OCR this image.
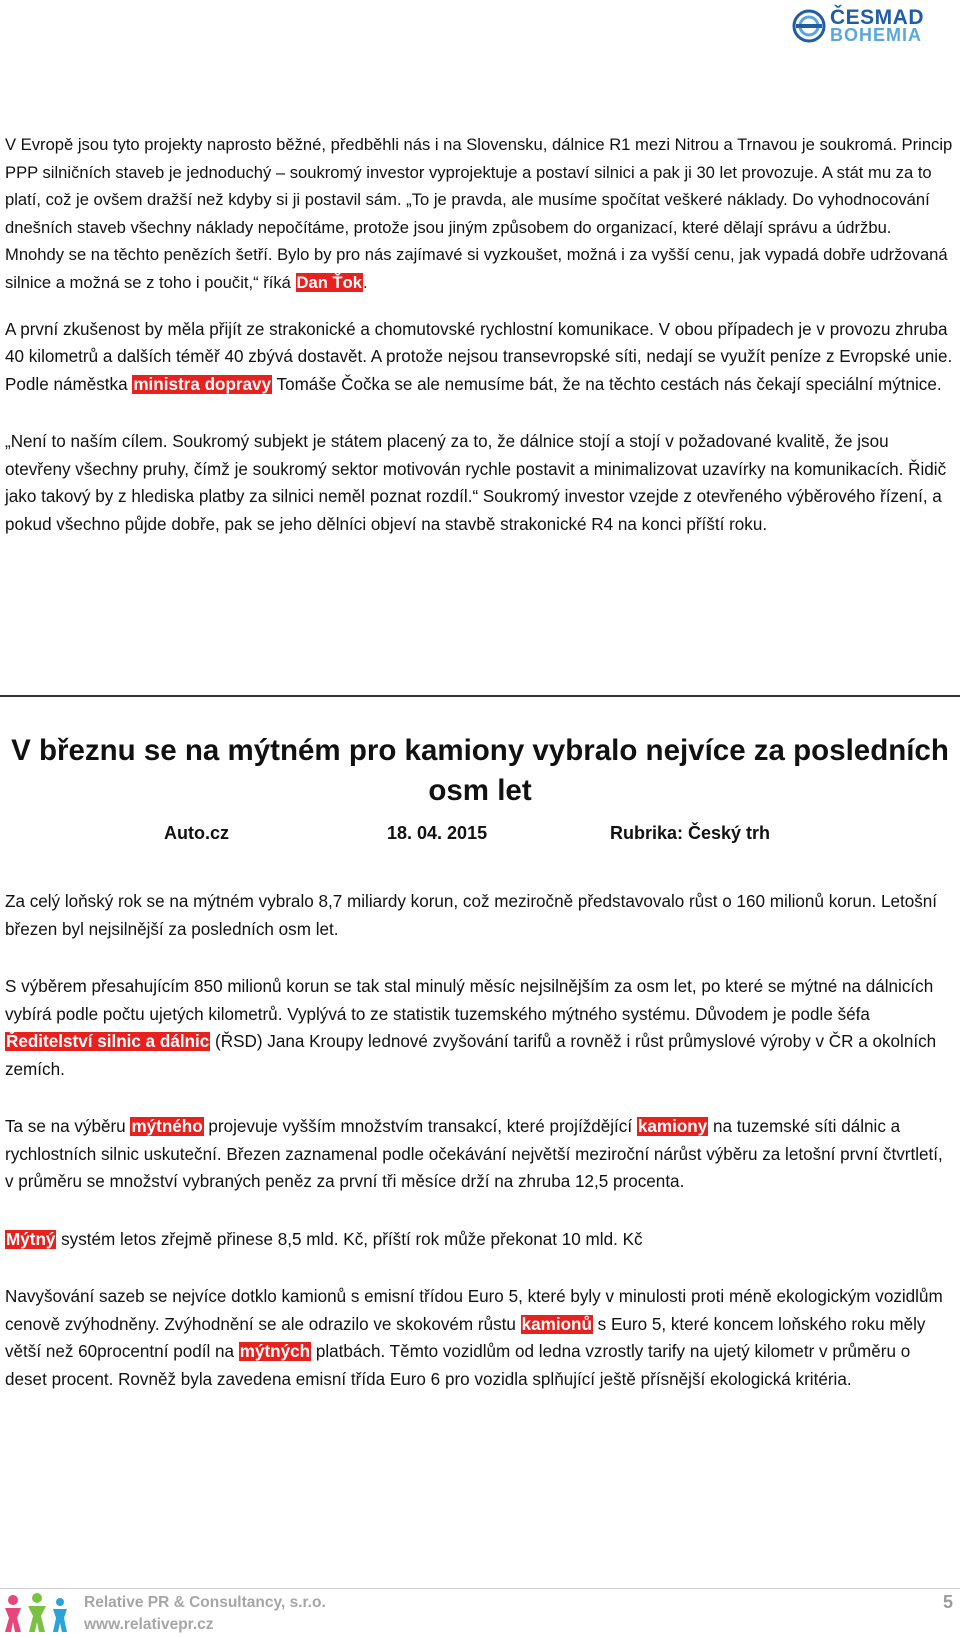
ČESMAD
BOHEMIA

V Evropě jsou tyto projekty naprosto běžné, předběhli nás i na Slovensku, dálnice R1 mezi Nitrou a Trnavou je soukromá. Princip PPP silničních staveb je jednoduchý – soukromý investor vyprojektuje a postaví silnici a pak ji 30 let provozuje. A stát mu za to platí, což je ovšem dražší než kdyby si ji postavil sám. „To je pravda, ale musíme spočítat veškeré náklady. Do vyhodnocování dnešních staveb všechny náklady nepočítáme, protože jsou jiným způsobem do organizací, které dělají správu a údržbu. Mnohdy se na těchto penězích šetří. Bylo by pro nás zajímavé si vyzkoušet, možná i za vyšší cenu, jak vypadá dobře udržovaná silnice a možná se z toho i poučit,“ říká Dan Ťok.

A první zkušenost by měla přijít ze strakonické a chomutovské rychlostní komunikace. V obou případech je v provozu zhruba 40 kilometrů a dalších téměř 40 zbývá dostavět. A protože nejsou transevropské síti, nedají se využít peníze z Evropské unie. Podle náměstka ministra dopravy Tomáše Čočka se ale nemusíme bát, že na těchto cestách nás čekají speciální mýtnice.

„Není to naším cílem. Soukromý subjekt je státem placený za to, že dálnice stojí a stojí v požadované kvalitě, že jsou otevřeny všechny pruhy, čímž je soukromý sektor motivován rychle postavit a minimalizovat uzavírky na komunikacích. Řidič jako takový by z hlediska platby za silnici neměl poznat rozdíl.“ Soukromý investor vzejde z otevřeného výběrového řízení, a pokud všechno půjde dobře, pak se jeho dělníci objeví na stavbě strakonické R4 na konci příští roku.

V březnu se na mýtném pro kamiony vybralo nejvíce za posledních osm let
Auto.cz	18. 04. 2015	Rubrika: Český trh

Za celý loňský rok se na mýtném vybralo 8,7 miliardy korun, což meziročně představovalo růst o 160 milionů korun. Letošní březen byl nejsilnější za posledních osm let.

S výběrem přesahujícím 850 milionů korun se tak stal minulý měsíc nejsilnějším za osm let, po které se mýtné na dálnicích vybírá podle počtu ujetých kilometrů. Vyplývá to ze statistik tuzemského mýtného systému. Důvodem je podle šéfa Ředitelství silnic a dálnic (ŘSD) Jana Kroupy lednové zvyšování tarifů a rovněž i růst průmyslové výroby v ČR a okolních zemích.

Ta se na výběru mýtného projevuje vyšším množstvím transakcí, které projíždějící kamiony na tuzemské síti dálnic a rychlostních silnic uskuteční. Březen zaznamenal podle očekávání největší meziroční nárůst výběru za letošní první čtvrtletí, v průměru se množství vybraných peněz za první tři měsíce drží na zhruba 12,5 procenta.

Mýtný systém letos zřejmě přinese 8,5 mld. Kč, příští rok může překonat 10 mld. Kč

Navyšování sazeb se nejvíce dotklo kamionů s emisní třídou Euro 5, které byly v minulosti proti méně ekologickým vozidlům cenově zvýhodněny. Zvýhodnění se ale odrazilo ve skokovém růstu kamionů s Euro 5, které koncem loňského roku měly větší než 60procentní podíl na mýtných platbách. Těmto vozidlům od ledna vzrostly tarify na ujetý kilometr v průměru o deset procent. Rovněž byla zavedena emisní třída Euro 6 pro vozidla splňující ještě přísnější ekologická kritéria.

Relative PR & Consultancy, s.r.o.
www.relativepr.cz
5
